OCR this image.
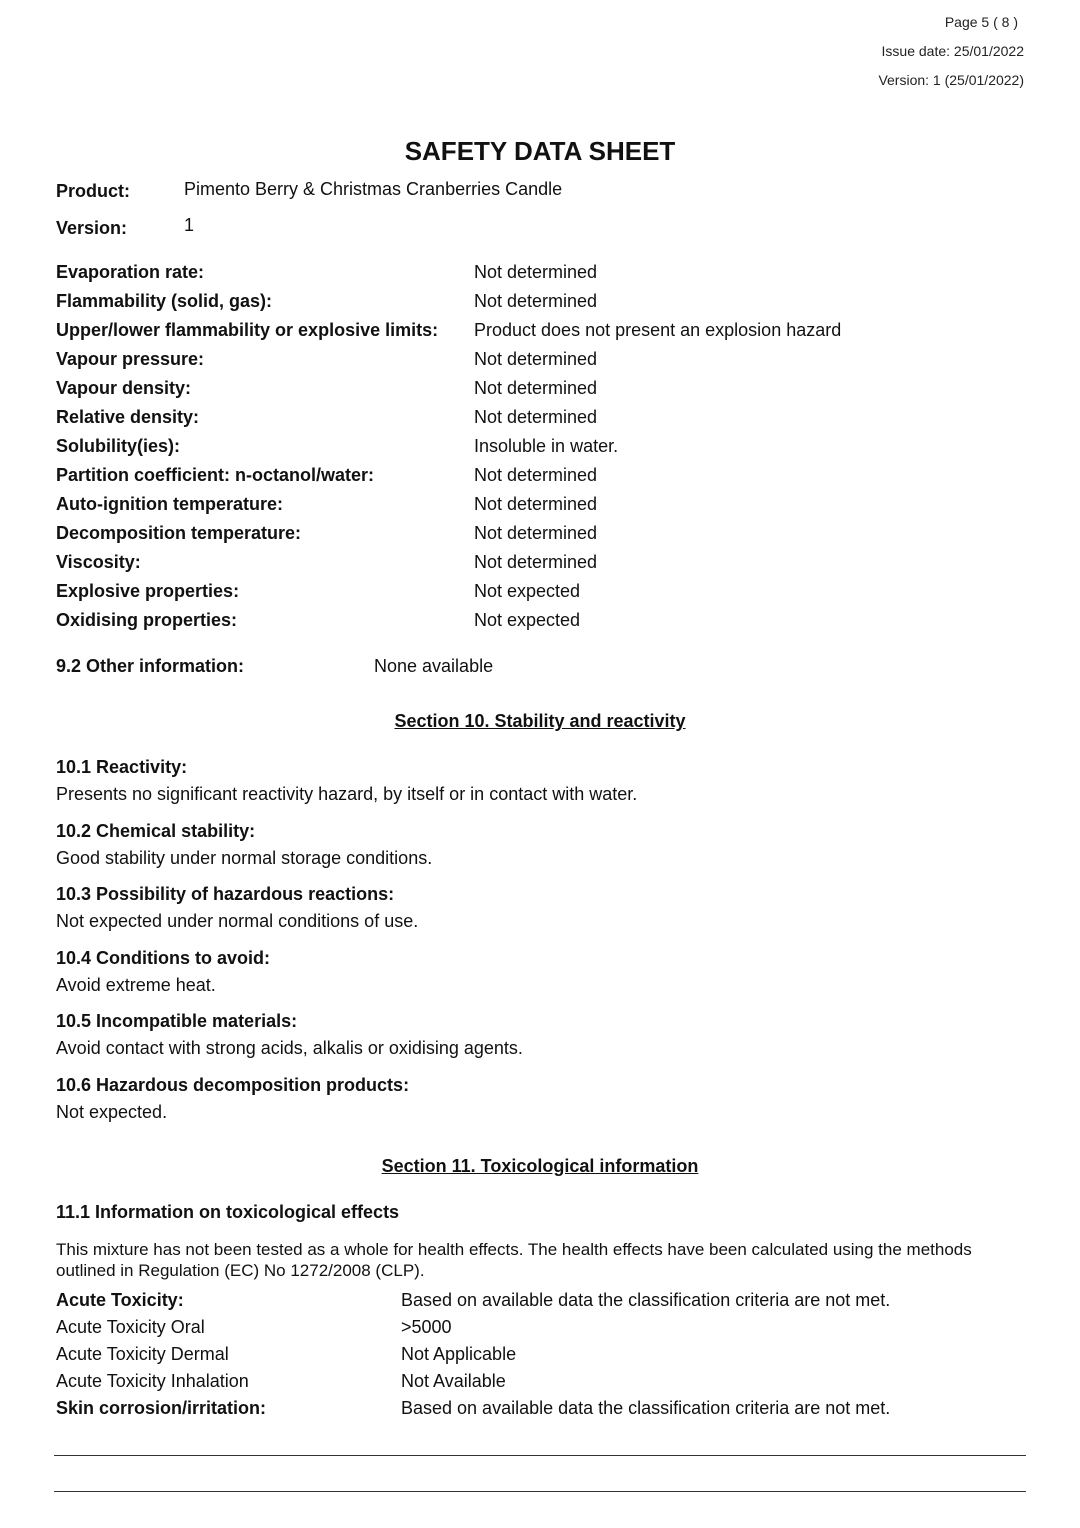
Page 5 ( 8 )
Issue date: 25/01/2022
Version: 1 (25/01/2022)
SAFETY DATA SHEET
Product:	Pimento Berry & Christmas Cranberries Candle
Version:	1
Evaporation rate:	Not determined
Flammability (solid, gas):	Not determined
Upper/lower flammability or explosive limits: Product does not present an explosion hazard
Vapour pressure:	Not determined
Vapour density:	Not determined
Relative density:	Not determined
Solubility(ies):	Insoluble in water.
Partition coefficient: n-octanol/water:	Not determined
Auto-ignition temperature:	Not determined
Decomposition temperature:	Not determined
Viscosity:	Not determined
Explosive properties:	Not expected
Oxidising properties:	Not expected
9.2 Other information:	None available
Section 10. Stability and reactivity
10.1 Reactivity:
Presents no significant reactivity hazard, by itself or in contact with water.
10.2 Chemical stability:
Good stability under normal storage conditions.
10.3 Possibility of hazardous reactions:
Not expected under normal conditions of use.
10.4 Conditions to avoid:
Avoid extreme heat.
10.5 Incompatible materials:
Avoid contact with strong acids, alkalis or oxidising agents.
10.6 Hazardous decomposition products:
Not expected.
Section 11. Toxicological information
11.1 Information on toxicological effects
This mixture has not been tested as a whole for health effects. The health effects have been calculated using the methods outlined in Regulation (EC) No 1272/2008 (CLP).
Acute Toxicity:	Based on available data the classification criteria are not met.
Acute Toxicity Oral	>5000
Acute Toxicity Dermal	Not Applicable
Acute Toxicity Inhalation	Not Available
Skin corrosion/irritation:	Based on available data the classification criteria are not met.
